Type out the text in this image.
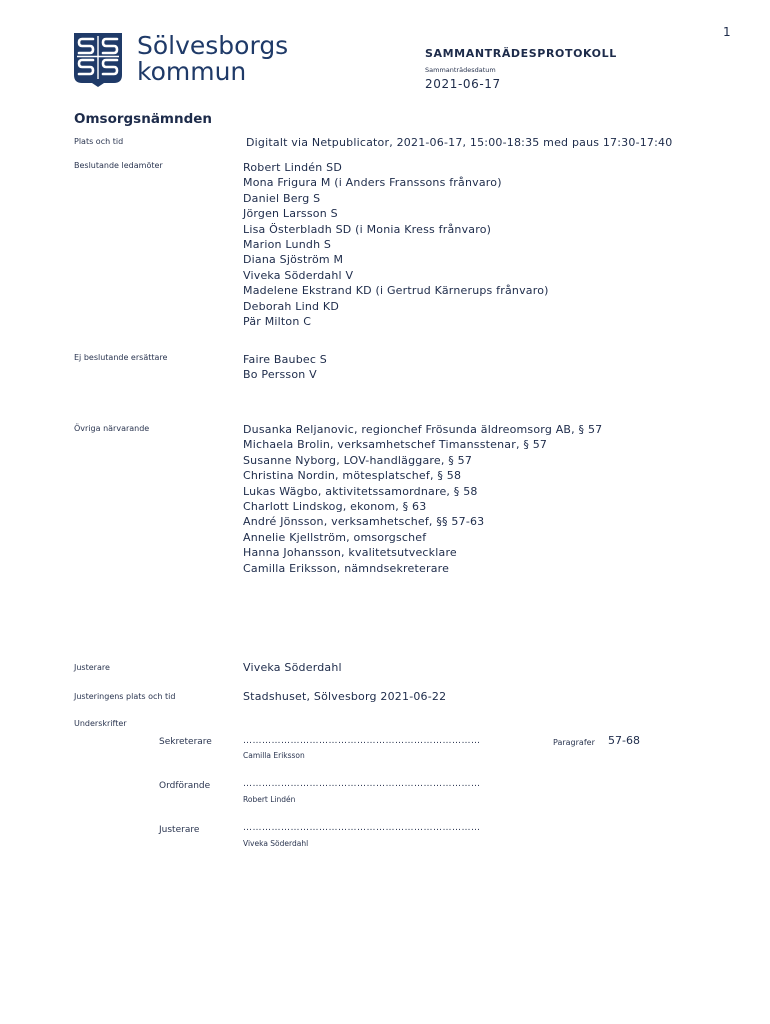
1
Sölvesborgs
kommun
SAMMANTRÄDESPROTOKOLL
Sammanträdesdatum
2021-06-17
Omsorgsnämnden
Plats och tid	Digitalt via Netpublicator, 2021-06-17, 15:00-18:35 med paus 17:30-17:40
Beslutande ledamöter	Robert Lindén SD
Mona Frigura M (i Anders Franssons frånvaro)
Daniel Berg S
Jörgen Larsson S
Lisa Österbladh SD (i Monia Kress frånvaro)
Marion Lundh S
Diana Sjöström M
Viveka Söderdahl V
Madelene Ekstrand KD (i Gertrud Kärnerups frånvaro)
Deborah Lind KD
Pär Milton C
Ej beslutande ersättare	Faire Baubec S
Bo Persson V
Övriga närvarande	Dusanka Reljanovic, regionchef Frösunda äldreomsorg AB, § 57
Michaela Brolin, verksamhetschef Timansstenar, § 57
Susanne Nyborg, LOV-handläggare, § 57
Christina Nordin, mötesplatschef, § 58
Lukas Wägbo, aktivitetssamordnare, § 58
Charlott Lindskog, ekonom, § 63
André Jönsson, verksamhetschef, §§ 57-63
Annelie Kjellström, omsorgschef
Hanna Johansson, kvalitetsutvecklare
Camilla Eriksson, nämndsekreterare
Justerare	Viveka Söderdahl
Justeringens plats och tid	Stadshuset, Sölvesborg 2021-06-22
Underskrifter
Sekreterare	…………………………………………………………………	Paragrafer 57-68
Camilla Eriksson
Ordförande	…………………………………………………………………
Robert Lindén
Justerare	…………………………………………………………………
Viveka Söderdahl
